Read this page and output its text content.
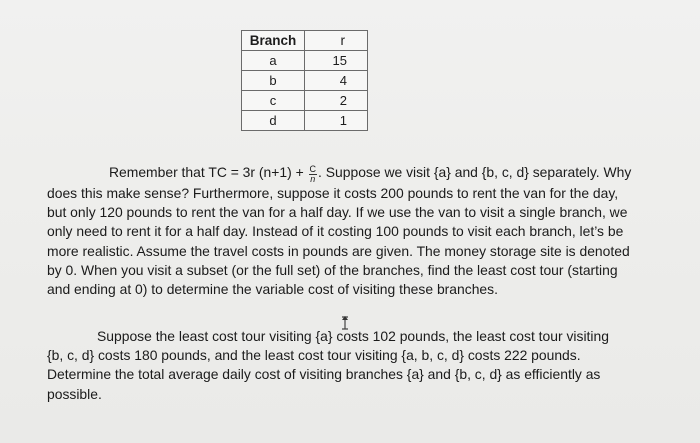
Branch	r
a	15
b	4
c	2
d	1
Remember that TC = 3r $(n+1) + \frac{C}{n}$ . Suppose we visit {a} and {b, c, d} separately. Why
does this make sense? Furthermore, suppose it costs 200 pounds to rent the van for the day,
but only 120 pounds to rent the van for a half day. If we use the van to visit a single branch, we
only need to rent it for a half day. Instead of it costing 100 pounds to visit each branch, let’s be
more realistic. Assume the travel costs in pounds are given. The money storage site is denoted
by 0. When you visit a subset (or the full set) of the branches, find the least cost tour (starting
and ending at 0) to determine the variable cost of visiting these branches.
Suppose the least cost tour visiting {a} costs 102 pounds, the least cost tour visiting
{b, c, d} costs 180 pounds, and the least cost tour visiting {a, b, c, d} costs 222 pounds.
Determine the total average daily cost of visiting branches {a} and {b, c, d} as efficiently as
possible.
